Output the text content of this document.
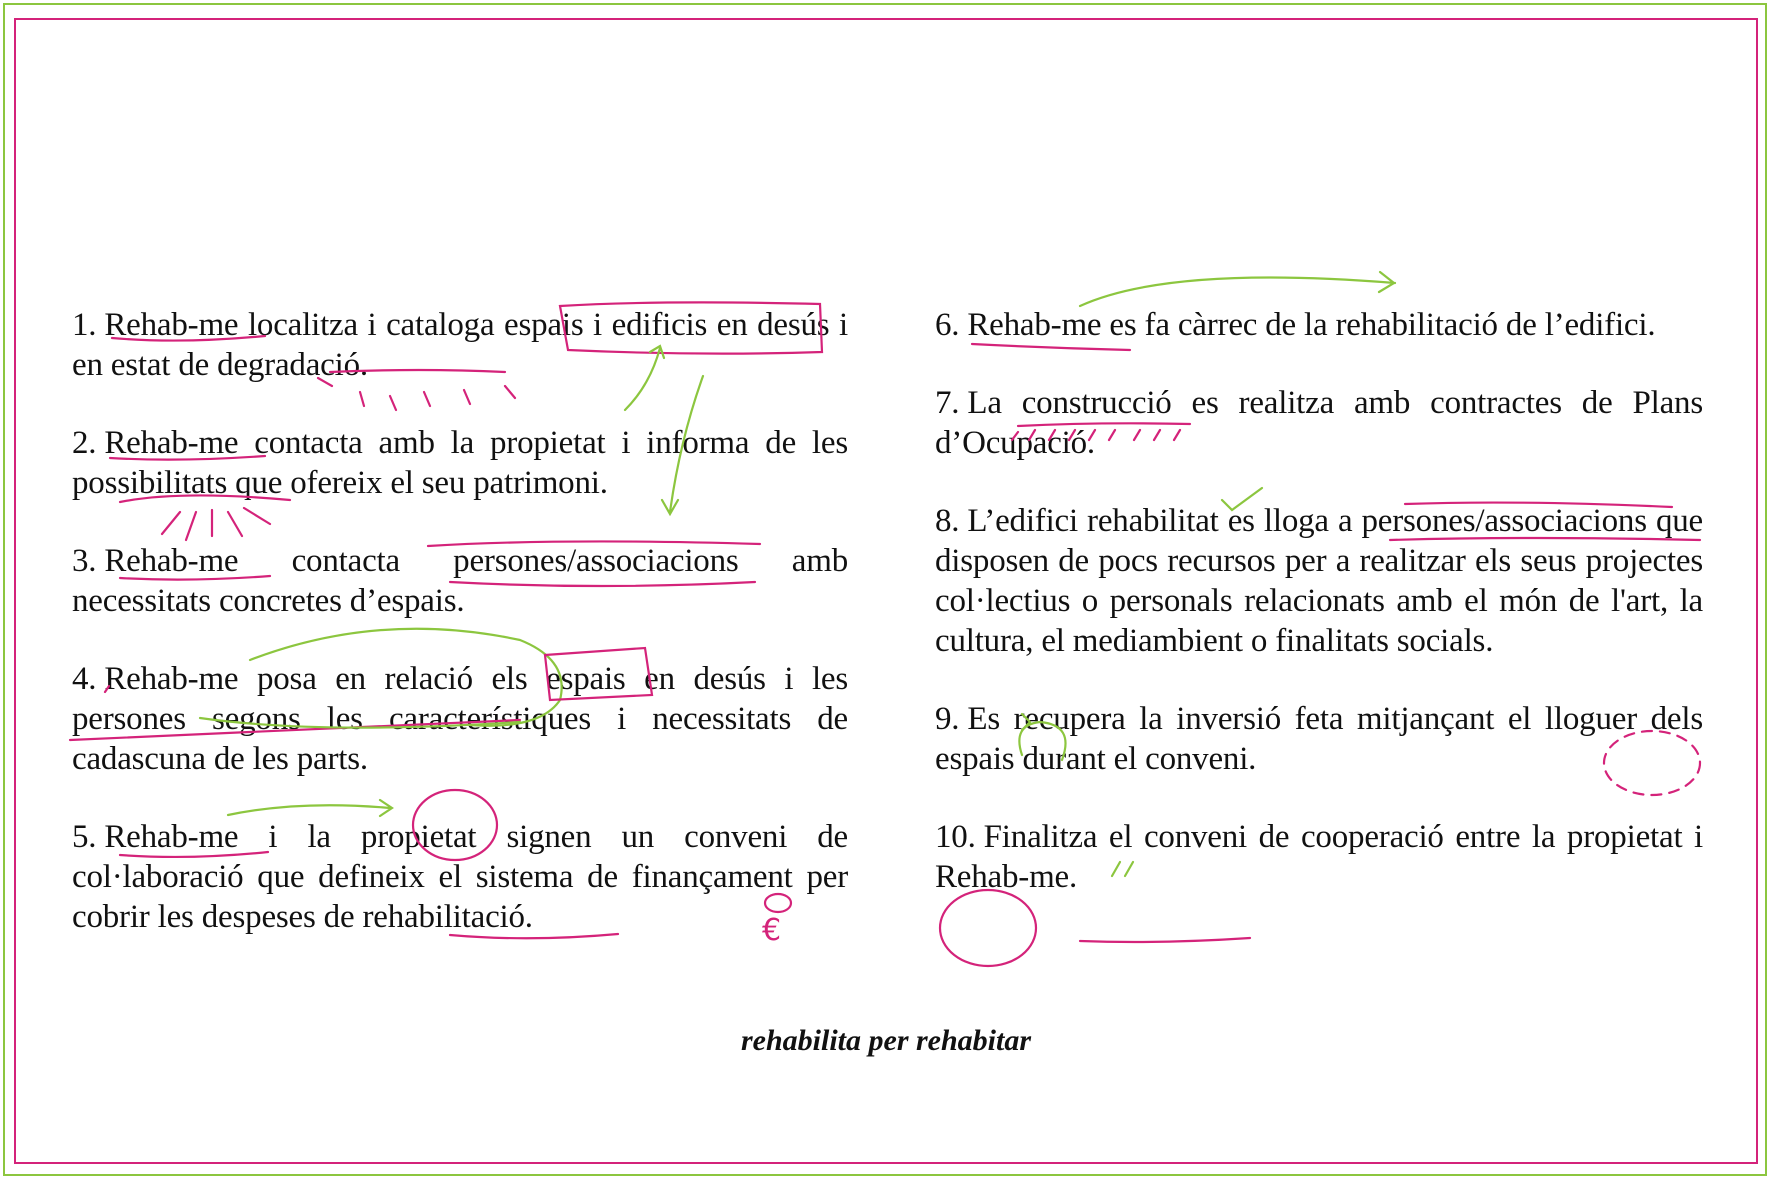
1. Rehab-me localitza i cataloga espais i edificis en desús i en estat de degradació.

2. Rehab-me contacta amb la propietat i informa de les possibilitats que ofereix el seu patrimoni.

3. Rehab-me contacta persones/associacions amb necessitats concretes d’espais.

4. Rehab-me posa en relació els espais en desús i les persones segons les característiques i necessitats de cadascuna de les parts.

5. Rehab-me i la propietat signen un conveni de col·laboració que defineix el sistema de finançament per cobrir les despeses de rehabilitació.

6. Rehab-me es fa càrrec de la rehabilitació de l’edifici.

7. La construcció es realitza amb contractes de Plans d’Ocupació.

8. L’edifici rehabilitat es lloga a persones/associacions que disposen de pocs recursos per a realitzar els seus projectes col·lectius o personals relacionats amb el món de l'art, la cultura, el mediambient o finalitats socials.

9. Es recupera la inversió feta mitjançant el lloguer dels espais durant el conveni.

10. Finalitza el conveni de cooperació entre la propietat i Rehab-me.

rehabilita per rehabitar
€
